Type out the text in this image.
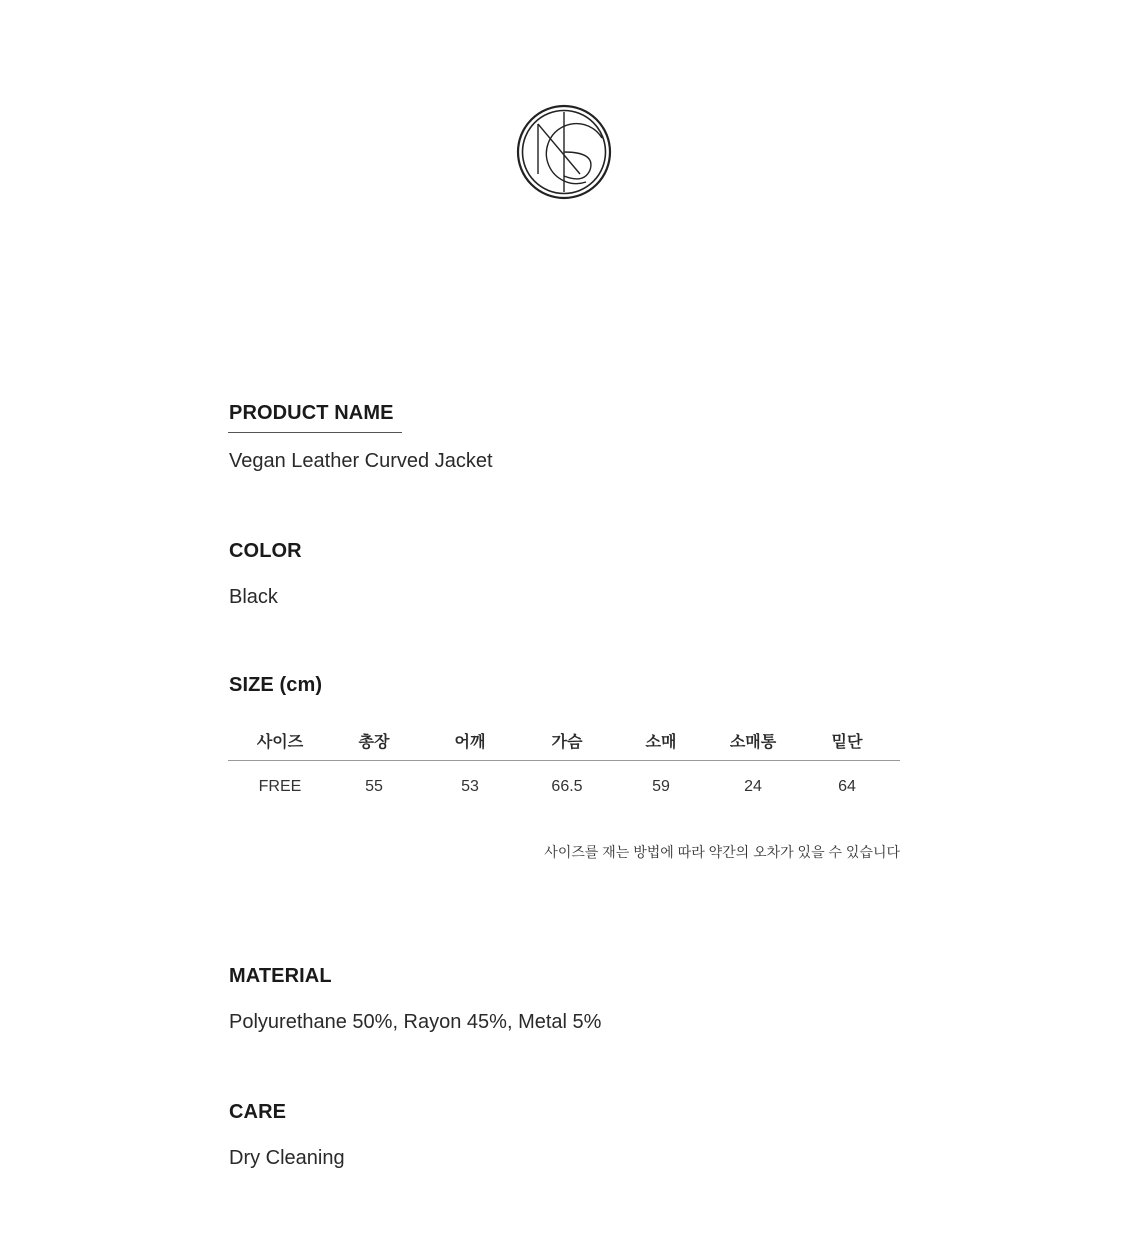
PRODUCT NAME
Vegan Leather Curved Jacket
COLOR
Black
SIZE (cm)
사이즈	총장	어깨	가슴	소매	소매통	밑단
FREE	55	53	66.5	59	24	64
사이즈를 재는 방법에 따라 약간의 오차가 있을 수 있습니다
MATERIAL
Polyurethane 50%, Rayon 45%, Metal 5%
CARE
Dry Cleaning
